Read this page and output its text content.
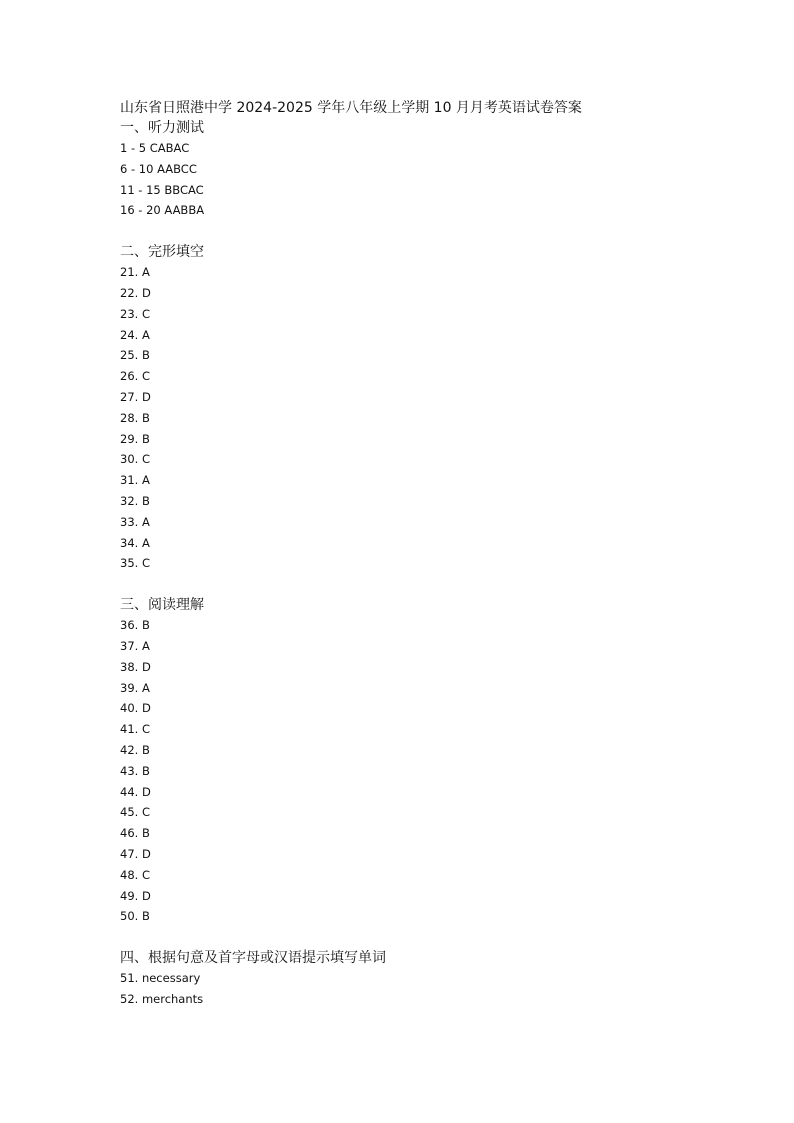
山东省日照港中学 2024-2025 学年八年级上学期 10 月月考英语试卷答案
一、听力测试
1 - 5 CABAC
6 - 10 AABCC
11 - 15 BBCAC
16 - 20 AABBA
二、完形填空
21. A
22. D
23. C
24. A
25. B
26. C
27. D
28. B
29. B
30. C
31. A
32. B
33. A
34. A
35. C
三、阅读理解
36. B
37. A
38. D
39. A
40. D
41. C
42. B
43. B
44. D
45. C
46. B
47. D
48. C
49. D
50. B
四、根据句意及首字母或汉语提示填写单词
51. necessary
52. merchants
